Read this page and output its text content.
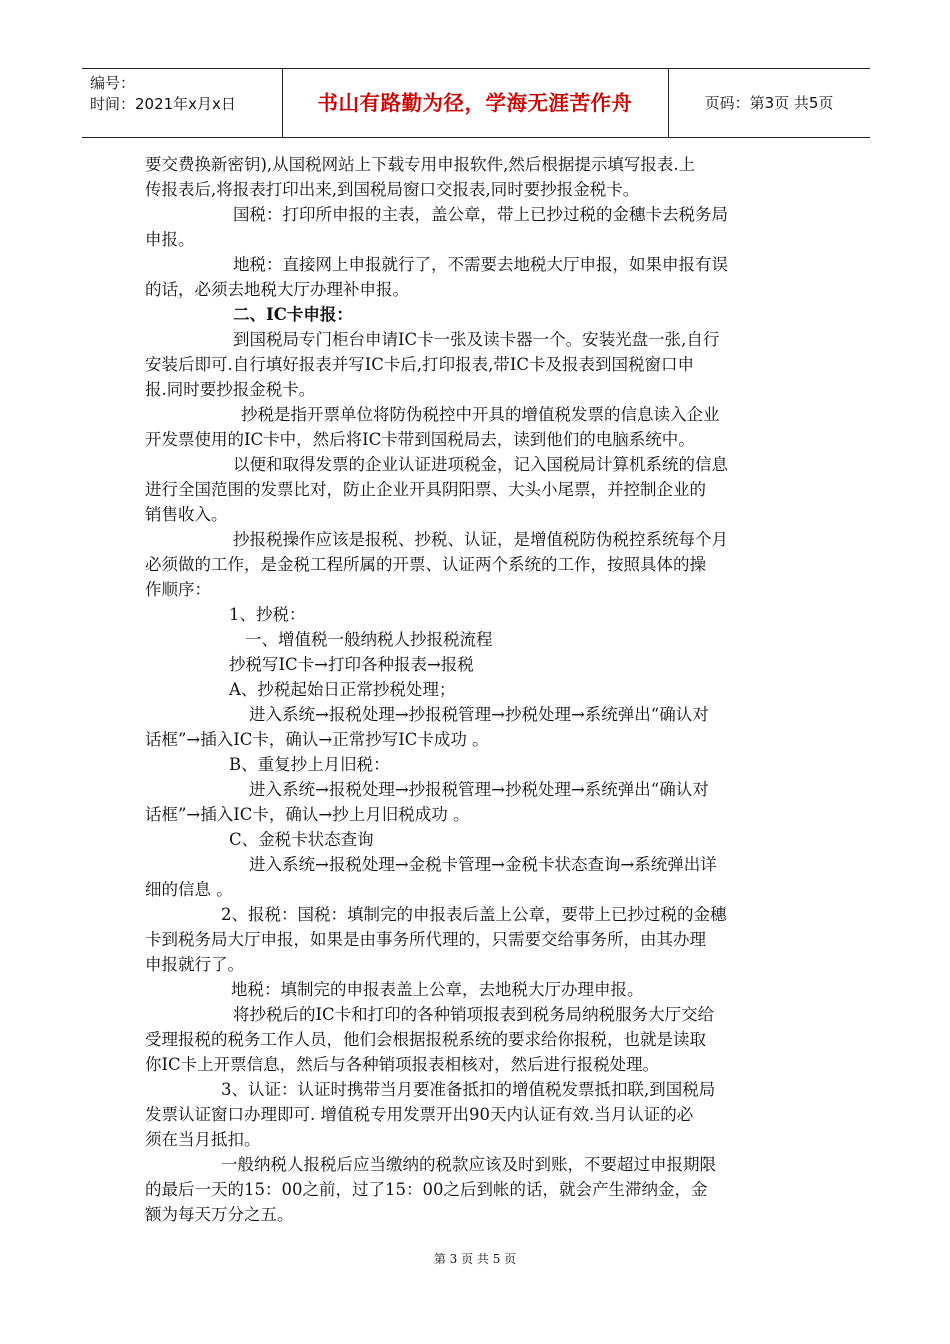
编号：
时间：2021年x月x日	书山有路勤为径，学海无涯苦作舟	页码：第3页 共5页
要交费换新密钥),从国税网站上下载专用申报软件,然后根据提示填写报表.上
传报表后,将报表打印出来,到国税局窗口交报表,同时要抄报金税卡。
国税：打印所申报的主表，盖公章，带上已抄过税的金穗卡去税务局
申报。
地税：直接网上申报就行了，不需要去地税大厅申报，如果申报有误
的话，必须去地税大厅办理补申报。
二、IC卡申报：
到国税局专门柜台申请IC卡一张及读卡器一个。安装光盘一张,自行
安装后即可.自行填好报表并写IC卡后,打印报表,带IC卡及报表到国税窗口申
报.同时要抄报金税卡。
抄税是指开票单位将防伪税控中开具的增值税发票的信息读入企业
开发票使用的IC卡中，然后将IC卡带到国税局去，读到他们的电脑系统中。
以便和取得发票的企业认证进项税金，记入国税局计算机系统的信息
进行全国范围的发票比对，防止企业开具阴阳票、大头小尾票，并控制企业的
销售收入。
抄报税操作应该是报税、抄税、认证，是增值税防伪税控系统每个月
必须做的工作，是金税工程所属的开票、认证两个系统的工作，按照具体的操
作顺序：
1、抄税：
一、增值税一般纳税人抄报税流程
抄税写IC卡→打印各种报表→报税
A、抄税起始日正常抄税处理；
进入系统→报税处理→抄报税管理→抄税处理→系统弹出“确认对
话框”→插入IC卡，确认→正常抄写IC卡成功 。
B、重复抄上月旧税：
进入系统→报税处理→抄报税管理→抄税处理→系统弹出“确认对
话框”→插入IC卡，确认→抄上月旧税成功 。
C、金税卡状态查询
进入系统→报税处理→金税卡管理→金税卡状态查询→系统弹出详
细的信息 。
2、报税：国税：填制完的申报表后盖上公章，要带上已抄过税的金穗
卡到税务局大厅申报，如果是由事务所代理的，只需要交给事务所，由其办理
申报就行了。
地税：填制完的申报表盖上公章，去地税大厅办理申报。
将抄税后的IC卡和打印的各种销项报表到税务局纳税服务大厅交给
受理报税的税务工作人员，他们会根据报税系统的要求给你报税，也就是读取
你IC卡上开票信息，然后与各种销项报表相核对，然后进行报税处理。
3、认证：认证时携带当月要准备抵扣的增值税发票抵扣联,到国税局
发票认证窗口办理即可. 增值税专用发票开出90天内认证有效.当月认证的必
须在当月抵扣。
一般纳税人报税后应当缴纳的税款应该及时到账，不要超过申报期限
的最后一天的15：00之前，过了15：00之后到帐的话，就会产生滞纳金，金
额为每天万分之五。
第 3 页 共 5 页
